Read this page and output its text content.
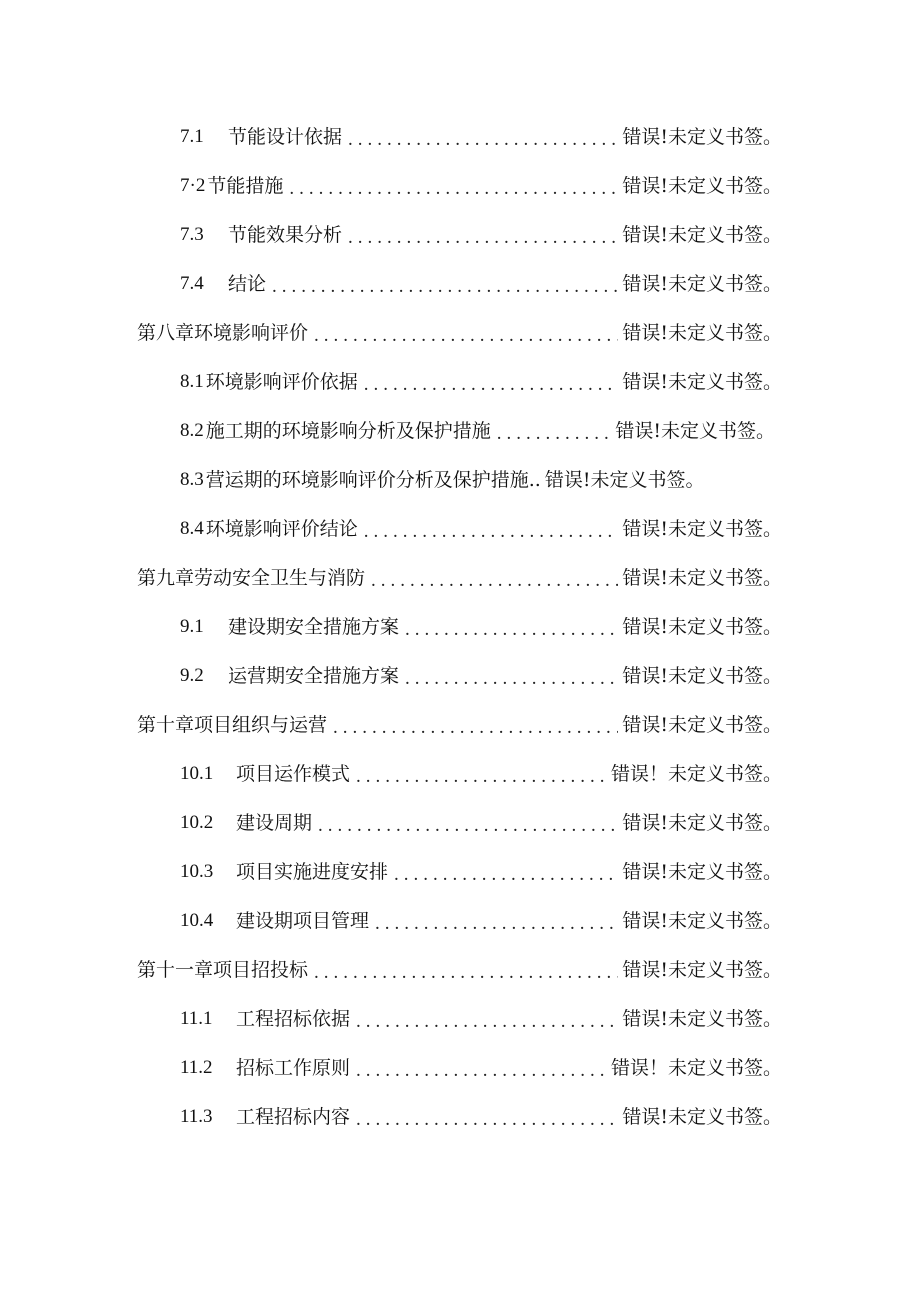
7.1	节能设计依据 .....	错误!未定义书签。
7·2 节能措施 .....	错误!未定义书签。
7.3	节能效果分析 .....	错误!未定义书签。
7.4	结论 .....	错误!未定义书签。
第八章环境影响评价 .....	错误!未定义书签。
8.1 环境影响评价依据 .....	错误!未定义书签。
8.2 施工期的环境影响分析及保护措施 .....	错误!未定义书签。
8.3 营运期的环境影响评价分析及保护措施.. 错误!未定义书签。
8.4 环境影响评价结论 .....	错误!未定义书签。
第九章劳动安全卫生与消防 .....	错误!未定义书签。
9.1	建设期安全措施方案 .....	错误!未定义书签。
9.2	运营期安全措施方案 .....	错误!未定义书签。
第十章项目组织与运营 .....	错误!未定义书签。
10.1	项目运作模式 .....	错误！未定义书签。
10.2	建设周期 .....	错误!未定义书签。
10.3	项目实施进度安排 .....	错误!未定义书签。
10.4	建设期项目管理 .....	错误!未定义书签。
第十一章项目招投标 .....	错误!未定义书签。
11.1	工程招标依据 .....	错误!未定义书签。
11.2	招标工作原则 .....	错误！未定义书签。
11.3	工程招标内容 .....	错误!未定义书签。
